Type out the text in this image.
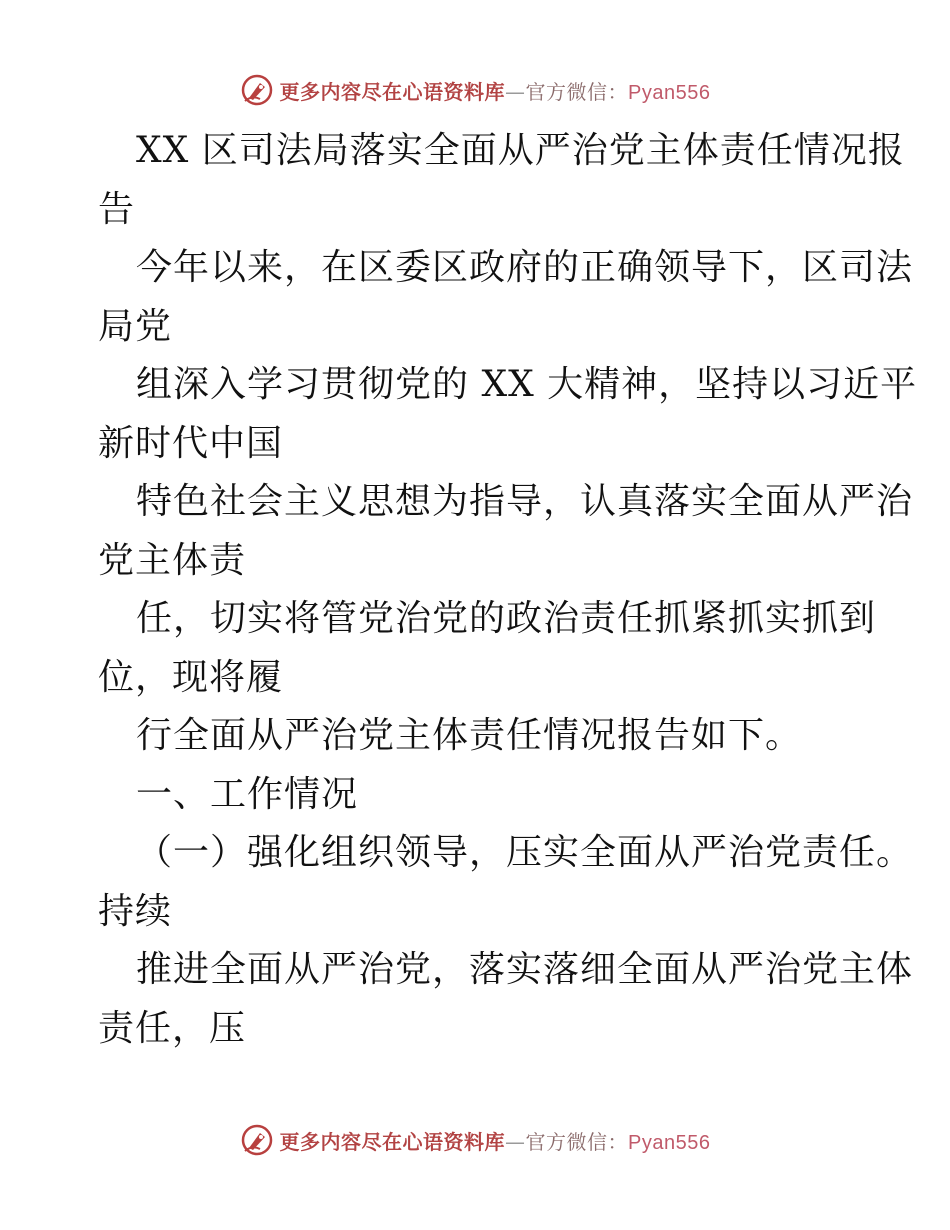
更多内容尽在心语资料库—官方微信：Pyan556
XX 区司法局落实全面从严治党主体责任情况报
告
今年以来，在区委区政府的正确领导下，区司法
局党
组深入学习贯彻党的 XX 大精神，坚持以习近平
新时代中国
特色社会主义思想为指导，认真落实全面从严治
党主体责
任，切实将管党治党的政治责任抓紧抓实抓到
位，现将履
行全面从严治党主体责任情况报告如下。
一、工作情况
（一）强化组织领导，压实全面从严治党责任。
持续
推进全面从严治党，落实落细全面从严治党主体
责任，压
更多内容尽在心语资料库—官方微信：Pyan556
